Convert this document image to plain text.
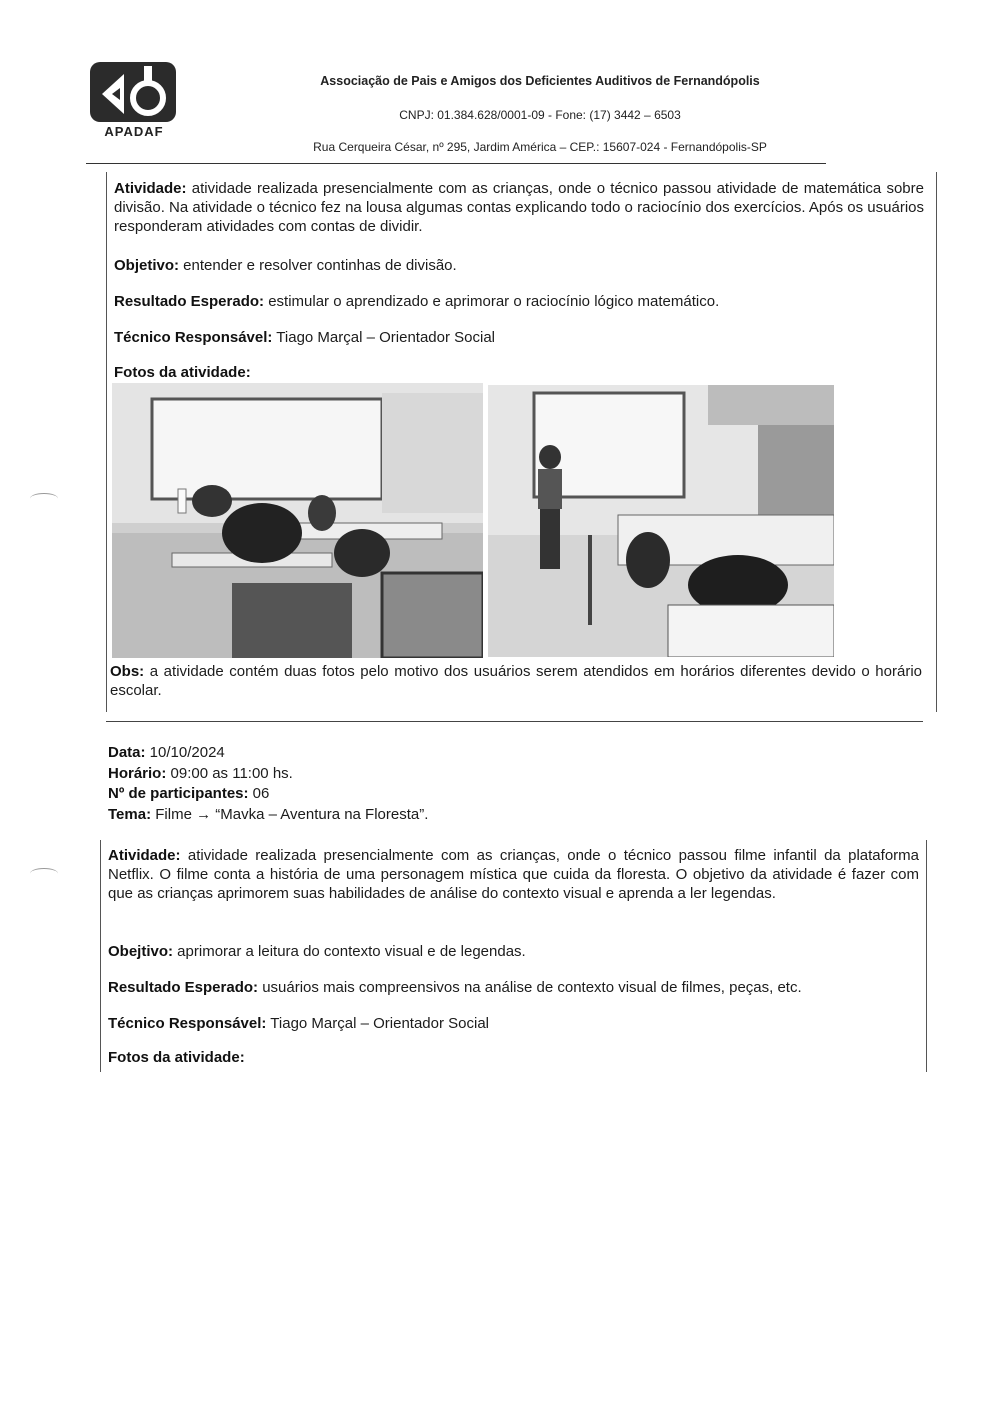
APADAF
Associação de Pais e Amigos dos Deficientes Auditivos de Fernandópolis
CNPJ: 01.384.628/0001-09 - Fone: (17) 3442 – 6503
Rua Cerqueira César, nº 295, Jardim América – CEP.: 15607-024 - Fernandópolis-SP
Atividade: atividade realizada presencialmente com as crianças, onde o técnico passou atividade de matemática sobre divisão. Na atividade o técnico fez na lousa algumas contas explicando todo o raciocínio dos exercícios. Após os usuários responderam atividades com contas de dividir.
Objetivo: entender e resolver continhas de divisão.
Resultado Esperado: estimular o aprendizado e aprimorar o raciocínio lógico matemático.
Técnico Responsável: Tiago Marçal – Orientador Social
Fotos da atividade:
Obs: a atividade contém duas fotos pelo motivo dos usuários serem atendidos em horários diferentes devido o horário escolar.
Data: 10/10/2024
Horário: 09:00 as 11:00 hs.
Nº de participantes: 06
Tema: Filme → “Mavka – Aventura na Floresta”.
Atividade: atividade realizada presencialmente com as crianças, onde o técnico passou filme infantil da plataforma Netflix. O filme conta a história de uma personagem mística que cuida da floresta. O objetivo da atividade é fazer com que as crianças aprimorem suas habilidades de análise do contexto visual e aprenda a ler legendas.
Obejtivo: aprimorar a leitura do contexto visual e de legendas.
Resultado Esperado: usuários mais compreensivos na análise de contexto visual de filmes, peças, etc.
Técnico Responsável: Tiago Marçal – Orientador Social
Fotos da atividade:
